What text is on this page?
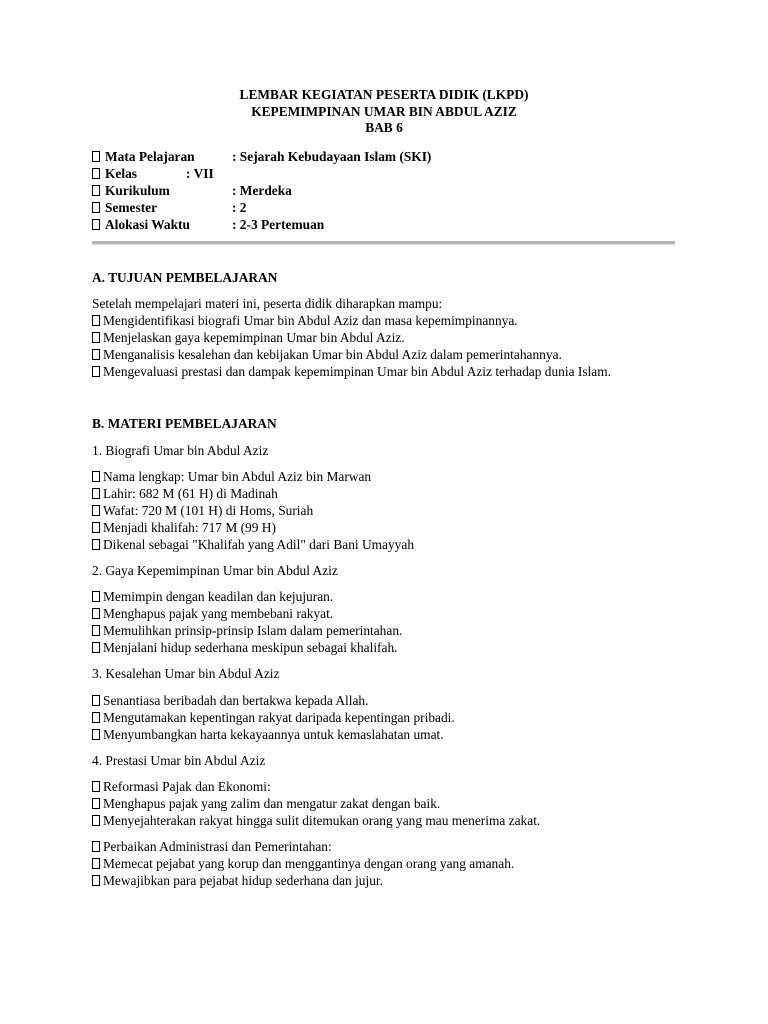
LEMBAR KEGIATAN PESERTA DIDIK (LKPD)
KEPEMIMPINAN UMAR BIN ABDUL AZIZ
BAB 6
Mata Pelajaran	: Sejarah Kebudayaan Islam (SKI)
Kelas	: VII
Kurikulum	: Merdeka
Semester	: 2
Alokasi Waktu	: 2-3 Pertemuan
A. TUJUAN PEMBELAJARAN
Setelah mempelajari materi ini, peserta didik diharapkan mampu:
Mengidentifikasi biografi Umar bin Abdul Aziz dan masa kepemimpinannya.
Menjelaskan gaya kepemimpinan Umar bin Abdul Aziz.
Menganalisis kesalehan dan kebijakan Umar bin Abdul Aziz dalam pemerintahannya.
Mengevaluasi prestasi dan dampak kepemimpinan Umar bin Abdul Aziz terhadap dunia Islam.
B. MATERI PEMBELAJARAN
1. Biografi Umar bin Abdul Aziz
Nama lengkap: Umar bin Abdul Aziz bin Marwan
Lahir: 682 M (61 H) di Madinah
Wafat: 720 M (101 H) di Homs, Suriah
Menjadi khalifah: 717 M (99 H)
Dikenal sebagai "Khalifah yang Adil" dari Bani Umayyah
2. Gaya Kepemimpinan Umar bin Abdul Aziz
Memimpin dengan keadilan dan kejujuran.
Menghapus pajak yang membebani rakyat.
Memulihkan prinsip-prinsip Islam dalam pemerintahan.
Menjalani hidup sederhana meskipun sebagai khalifah.
3. Kesalehan Umar bin Abdul Aziz
Senantiasa beribadah dan bertakwa kepada Allah.
Mengutamakan kepentingan rakyat daripada kepentingan pribadi.
Menyumbangkan harta kekayaannya untuk kemaslahatan umat.
4. Prestasi Umar bin Abdul Aziz
Reformasi Pajak dan Ekonomi:
Menghapus pajak yang zalim dan mengatur zakat dengan baik.
Menyejahterakan rakyat hingga sulit ditemukan orang yang mau menerima zakat.
Perbaikan Administrasi dan Pemerintahan:
Memecat pejabat yang korup dan menggantinya dengan orang yang amanah.
Mewajibkan para pejabat hidup sederhana dan jujur.
